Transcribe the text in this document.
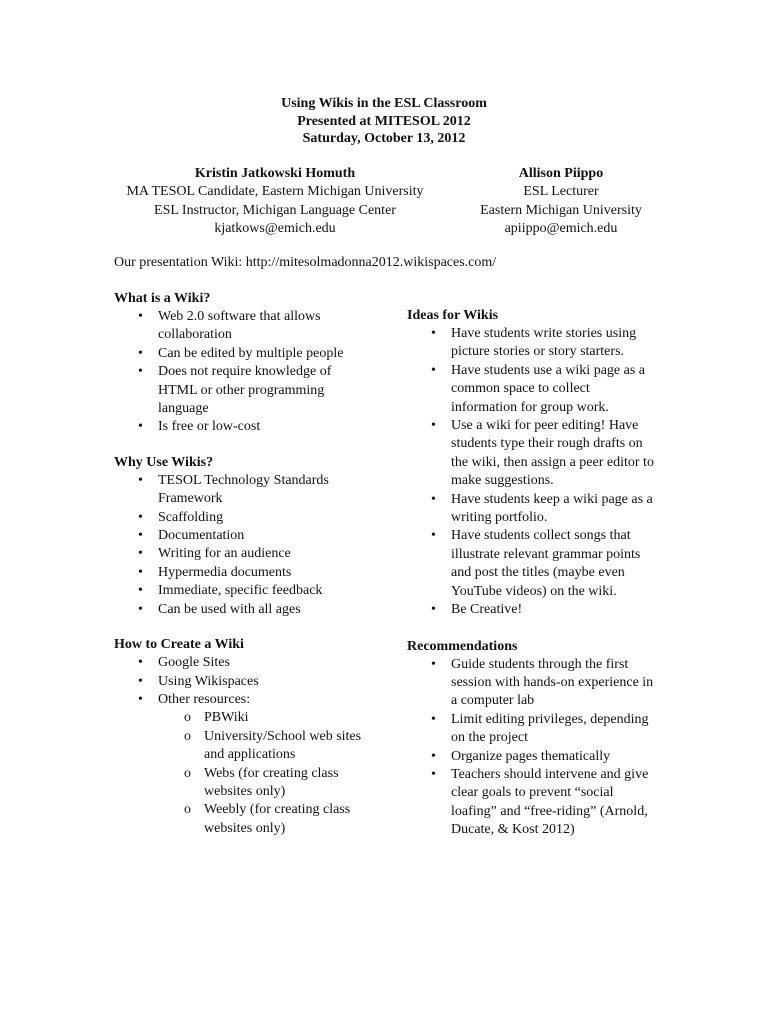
Using Wikis in the ESL Classroom
Presented at MITESOL 2012
Saturday, October 13, 2012
Kristin Jatkowski Homuth
MA TESOL Candidate, Eastern Michigan University
ESL Instructor, Michigan Language Center
kjatkows@emich.edu
Allison Piippo
ESL Lecturer
Eastern Michigan University
apiippo@emich.edu
Our presentation Wiki: http://mitesolmadonna2012.wikispaces.com/
What is a Wiki?
• Web 2.0 software that allows collaboration
• Can be edited by multiple people
• Does not require knowledge of HTML or other programming language
• Is free or low-cost
Why Use Wikis?
• TESOL Technology Standards Framework
• Scaffolding
• Documentation
• Writing for an audience
• Hypermedia documents
• Immediate, specific feedback
• Can be used with all ages
How to Create a Wiki
• Google Sites
• Using Wikispaces
• Other resources:
o PBWiki
o University/School web sites and applications
o Webs (for creating class websites only)
o Weebly (for creating class websites only)
Ideas for Wikis
• Have students write stories using picture stories or story starters.
• Have students use a wiki page as a common space to collect information for group work.
• Use a wiki for peer editing! Have students type their rough drafts on the wiki, then assign a peer editor to make suggestions.
• Have students keep a wiki page as a writing portfolio.
• Have students collect songs that illustrate relevant grammar points and post the titles (maybe even YouTube videos) on the wiki.
• Be Creative!
Recommendations
• Guide students through the first session with hands-on experience in a computer lab
• Limit editing privileges, depending on the project
• Organize pages thematically
• Teachers should intervene and give clear goals to prevent “social loafing” and “free-riding” (Arnold, Ducate, & Kost 2012)
